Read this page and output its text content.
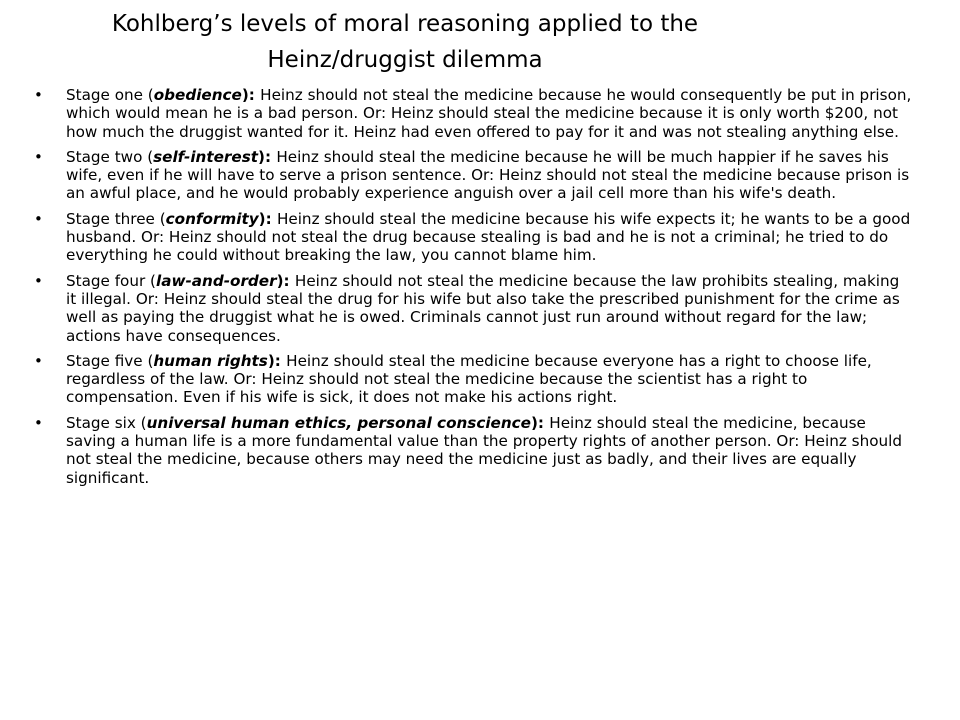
Kohlberg’s levels of moral reasoning applied to the Heinz/druggist dilemma
• Stage one (obedience): Heinz should not steal the medicine because he would consequently be put in prison, which would mean he is a bad person. Or: Heinz should steal the medicine because it is only worth $200, not how much the druggist wanted for it. Heinz had even offered to pay for it and was not stealing anything else.
• Stage two (self-interest): Heinz should steal the medicine because he will be much happier if he saves his wife, even if he will have to serve a prison sentence. Or: Heinz should not steal the medicine because prison is an awful place, and he would probably experience anguish over a jail cell more than his wife's death.
• Stage three (conformity): Heinz should steal the medicine because his wife expects it; he wants to be a good husband. Or: Heinz should not steal the drug because stealing is bad and he is not a criminal; he tried to do everything he could without breaking the law, you cannot blame him.
• Stage four (law-and-order): Heinz should not steal the medicine because the law prohibits stealing, making it illegal. Or: Heinz should steal the drug for his wife but also take the prescribed punishment for the crime as well as paying the druggist what he is owed. Criminals cannot just run around without regard for the law; actions have consequences.
• Stage five (human rights): Heinz should steal the medicine because everyone has a right to choose life, regardless of the law. Or: Heinz should not steal the medicine because the scientist has a right to compensation. Even if his wife is sick, it does not make his actions right.
• Stage six (universal human ethics, personal conscience): Heinz should steal the medicine, because saving a human life is a more fundamental value than the property rights of another person. Or: Heinz should not steal the medicine, because others may need the medicine just as badly, and their lives are equally significant.
